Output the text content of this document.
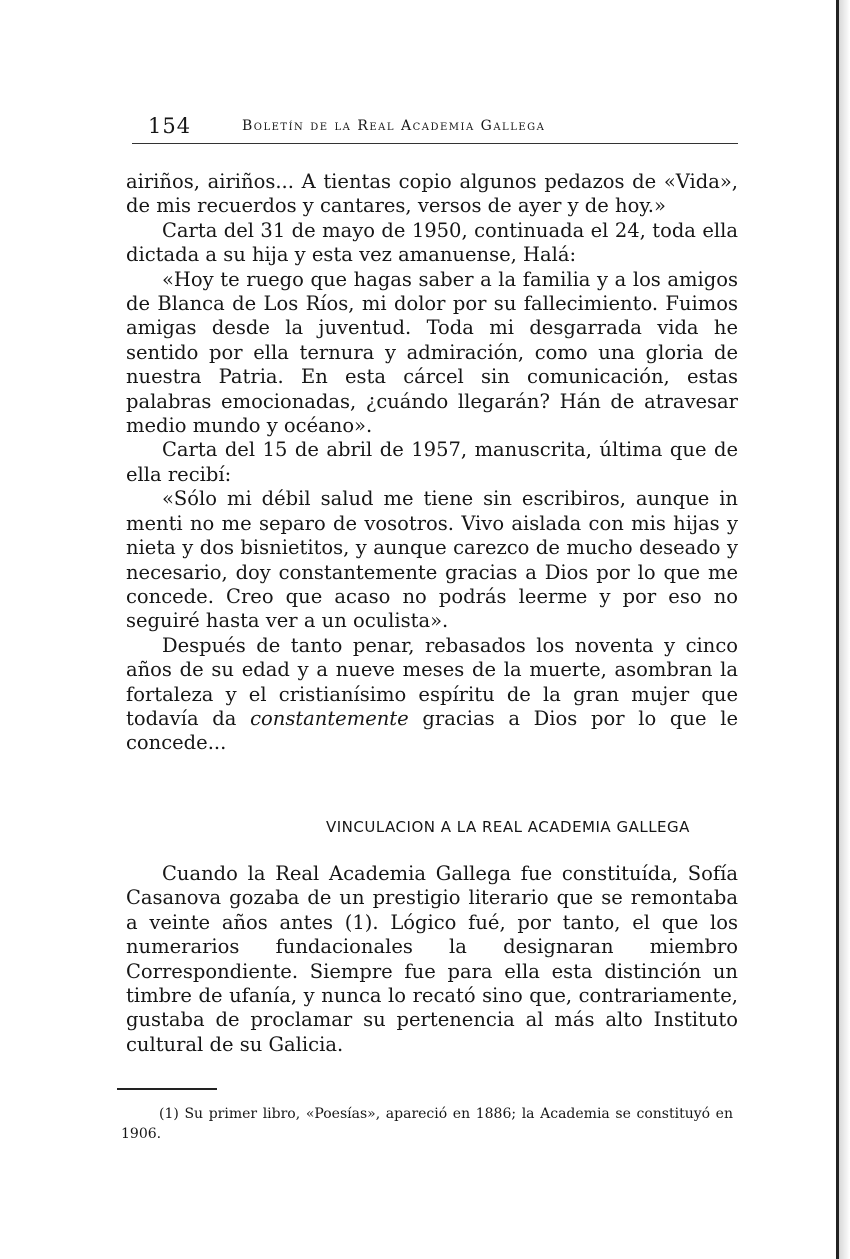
154	Boletín de la Real Academia Gallega

airiños, airiños... A tientas copio algunos pedazos de «Vida», de mis recuerdos y cantares, versos de ayer y de hoy.»

Carta del 31 de mayo de 1950, continuada el 24, toda ella dictada a su hija y esta vez amanuense, Halá:

«Hoy te ruego que hagas saber a la familia y a los amigos de Blanca de Los Ríos, mi dolor por su fallecimiento. Fuimos amigas desde la juventud. Toda mi desgarrada vida he sentido por ella ternura y admiración, como una gloria de nuestra Patria. En esta cárcel sin comunicación, estas palabras emocionadas, ¿cuándo llegarán? Hán de atravesar medio mundo y océano».

Carta del 15 de abril de 1957, manuscrita, última que de ella recibí:

«Sólo mi débil salud me tiene sin escribiros, aunque in menti no me separo de vosotros. Vivo aislada con mis hijas y nieta y dos bisnietitos, y aunque carezco de mucho deseado y necesario, doy constantemente gracias a Dios por lo que me concede. Creo que acaso no podrás leerme y por eso no seguiré hasta ver a un oculista».

Después de tanto penar, rebasados los noventa y cinco años de su edad y a nueve meses de la muerte, asombran la fortaleza y el cristianísimo espíritu de la gran mujer que todavía da constantemente gracias a Dios por lo que le concede...

VINCULACION A LA REAL ACADEMIA GALLEGA

Cuando la Real Academia Gallega fue constituída, Sofía Casanova gozaba de un prestigio literario que se remontaba a veinte años antes (1). Lógico fué, por tanto, el que los numerarios fundacionales la designaran miembro Correspondiente. Siempre fue para ella esta distinción un timbre de ufanía, y nunca lo recató sino que, contrariamente, gustaba de proclamar su pertenencia al más alto Instituto cultural de su Galicia.

(1) Su primer libro, «Poesías», apareció en 1886; la Academia se constituyó en 1906.
